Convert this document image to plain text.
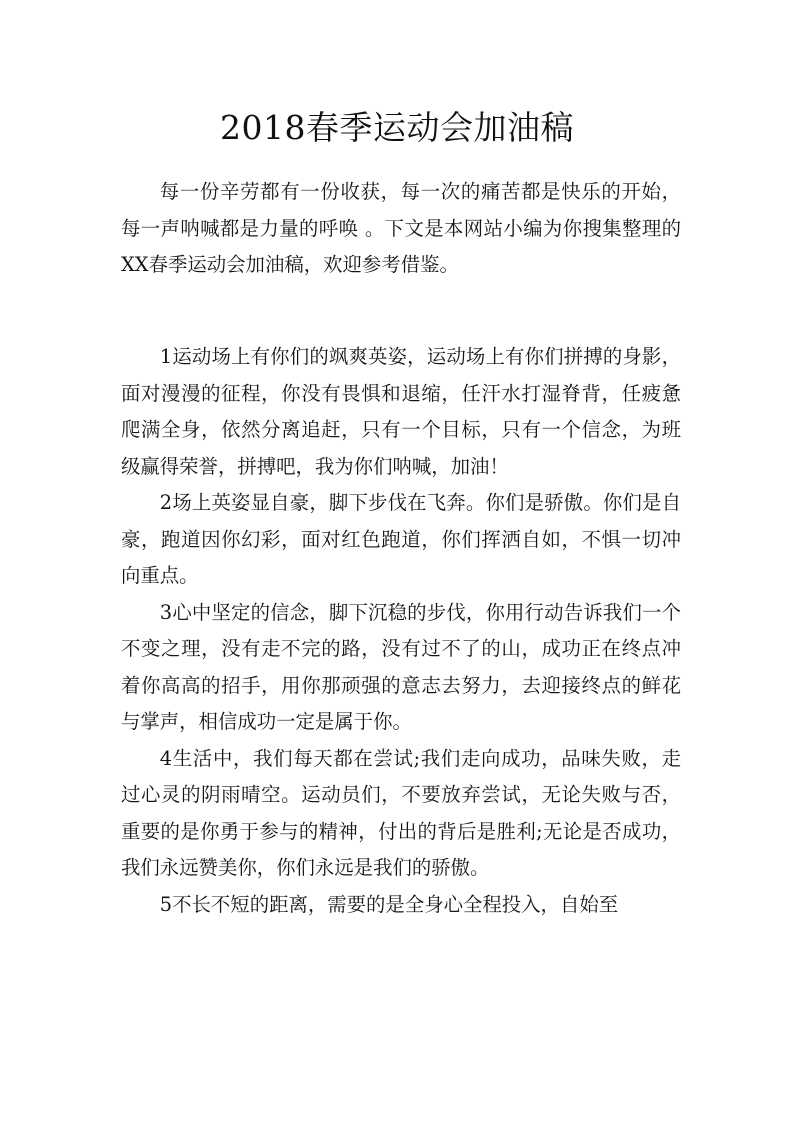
2018春季运动会加油稿

每一份辛劳都有一份收获，每一次的痛苦都是快乐的开始，每一声呐喊都是力量的呼唤 。下文是本网站小编为你搜集整理的XX春季运动会加油稿，欢迎参考借鉴。

1运动场上有你们的飒爽英姿，运动场上有你们拼搏的身影，面对漫漫的征程，你没有畏惧和退缩，任汗水打湿脊背，任疲惫爬满全身，依然分离追赶，只有一个目标，只有一个信念，为班级赢得荣誉，拼搏吧，我为你们呐喊，加油！

2场上英姿显自豪，脚下步伐在飞奔。你们是骄傲。你们是自豪，跑道因你幻彩，面对红色跑道，你们挥洒自如，不惧一切冲向重点。

3心中坚定的信念，脚下沉稳的步伐，你用行动告诉我们一个不变之理，没有走不完的路，没有过不了的山，成功正在终点冲着你高高的招手，用你那顽强的意志去努力，去迎接终点的鲜花与掌声，相信成功一定是属于你。

4生活中，我们每天都在尝试;我们走向成功，品味失败，走过心灵的阴雨晴空。运动员们，不要放弃尝试，无论失败与否，重要的是你勇于参与的精神，付出的背后是胜利;无论是否成功，我们永远赞美你，你们永远是我们的骄傲。

5不长不短的距离，需要的是全身心全程投入，自始至
